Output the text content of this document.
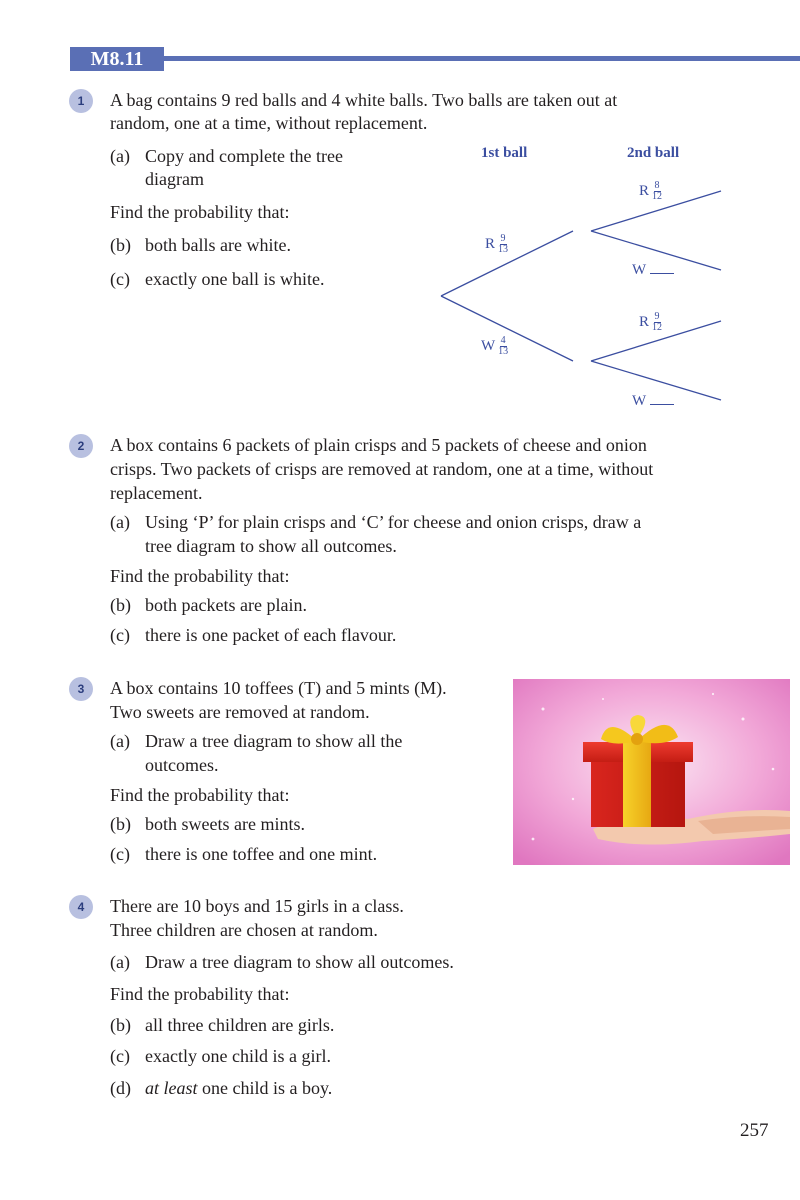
M8.11
1	A bag contains 9 red balls and 4 white balls. Two balls are taken out at
random, one at a time, without replacement.
(a) Copy and complete the tree
diagram
Find the probability that:
(b) both balls are white.
(c) exactly one ball is white.
1st ball	2nd ball
R $\frac{9}{13}$
W $\frac{4}{13}$
R $\frac{8}{12}$
W
R $\frac{9}{12}$
W
2	A box contains 6 packets of plain crisps and 5 packets of cheese and onion
crisps. Two packets of crisps are removed at random, one at a time, without
replacement.
(a) Using ‘P’ for plain crisps and ‘C’ for cheese and onion crisps, draw a
tree diagram to show all outcomes.
Find the probability that:
(b) both packets are plain.
(c) there is one packet of each flavour.
3	A box contains 10 toffees (T) and 5 mints (M).
Two sweets are removed at random.
(a) Draw a tree diagram to show all the
outcomes.
Find the probability that:
(b) both sweets are mints.
(c) there is one toffee and one mint.
4	There are 10 boys and 15 girls in a class.
Three children are chosen at random.
(a) Draw a tree diagram to show all outcomes.
Find the probability that:
(b) all three children are girls.
(c) exactly one child is a girl.
(d) at least one child is a boy.
257
